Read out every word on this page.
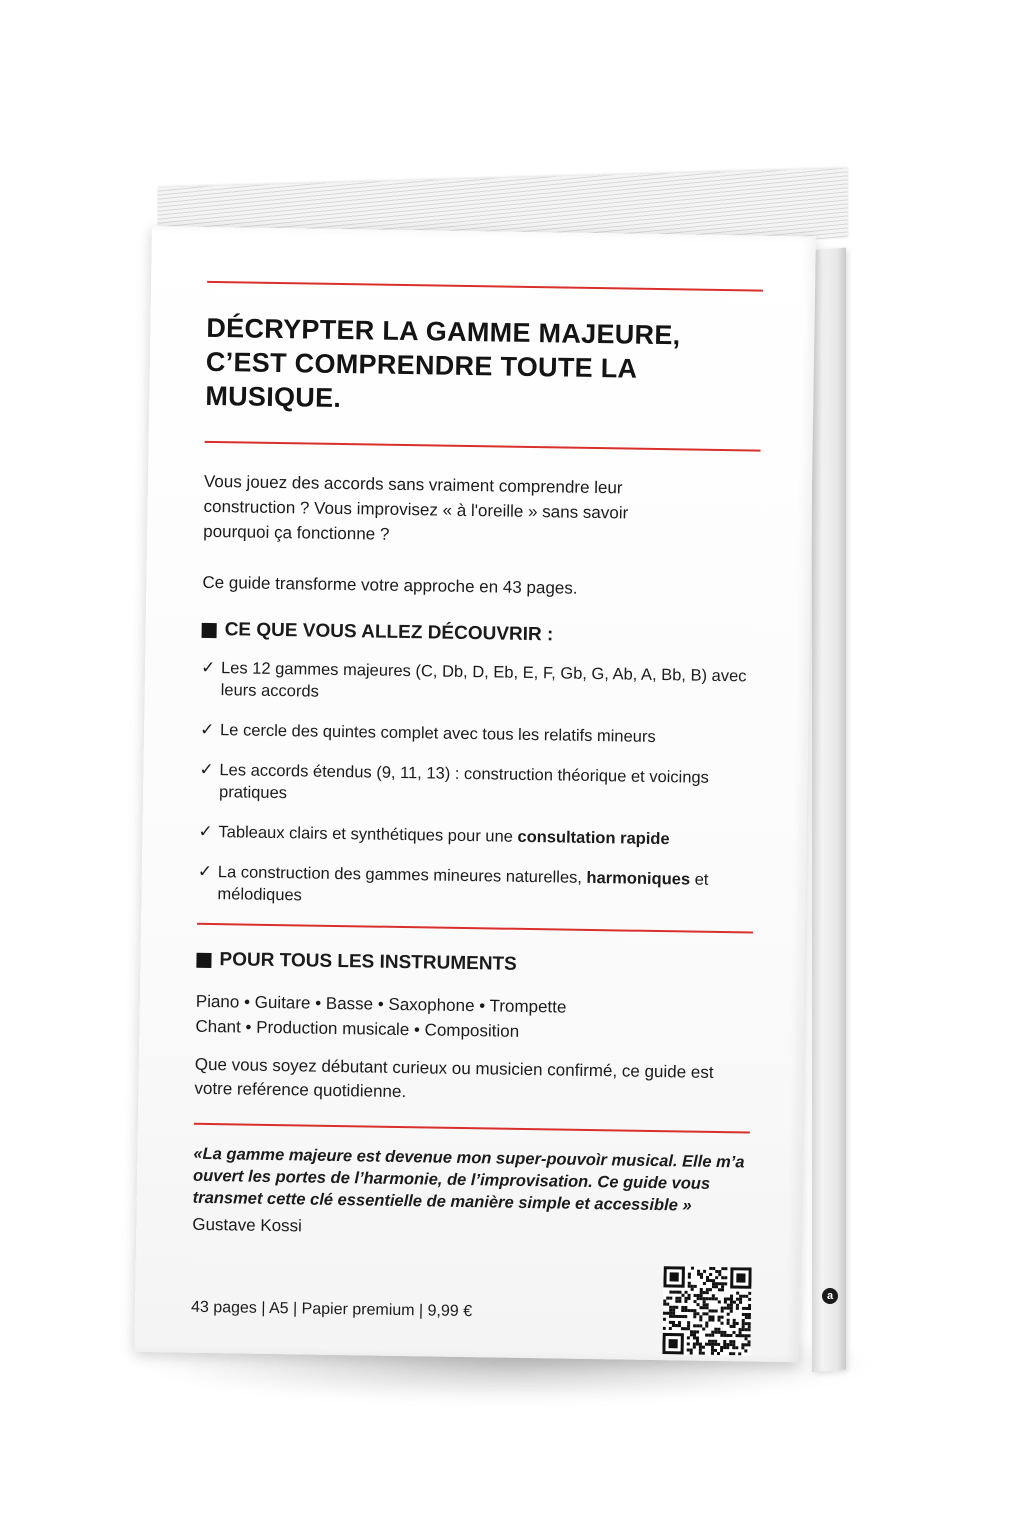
a
DÉCRYPTER LA GAMME MAJEURE,
C’EST COMPRENDRE TOUTE LA MUSIQUE.
Vous jouez des accords sans vraiment comprendre leur construction ? Vous improvisez « à l'oreille » sans savoir pourquoi ça fonctionne ?
Ce guide transforme votre approche en 43 pages.
CE QUE VOUS ALLEZ DÉCOUVRIR :
✓ Les 12 gammes majeures (C, Db, D, Eb, E, F, Gb, G, Ab, A, Bb, B) avec leurs accords
✓ Le cercle des quintes complet avec tous les relatifs mineurs
✓ Les accords étendus (9, 11, 13) : construction théorique et voicings pratiques
✓ Tableaux clairs et synthétiques pour une consultation rapide
✓ La construction des gammes mineures naturelles, harmoniques et mélodiques
POUR TOUS LES INSTRUMENTS
Piano • Guitare • Basse • Saxophone • Trompette
Chant • Production musicale • Composition
Que vous soyez débutant curieux ou musicien confirmé, ce guide est votre reférence quotidienne.
«La gamme majeure est devenue mon super-pouvoìr musical. Elle m’a ouvert les portes de l’harmonie, de l’improvisation. Ce guide vous transmet cette clé essentielle de manière simple et accessible »
Gustave Kossi
43 pages | A5 | Papier premium | 9,99 €
